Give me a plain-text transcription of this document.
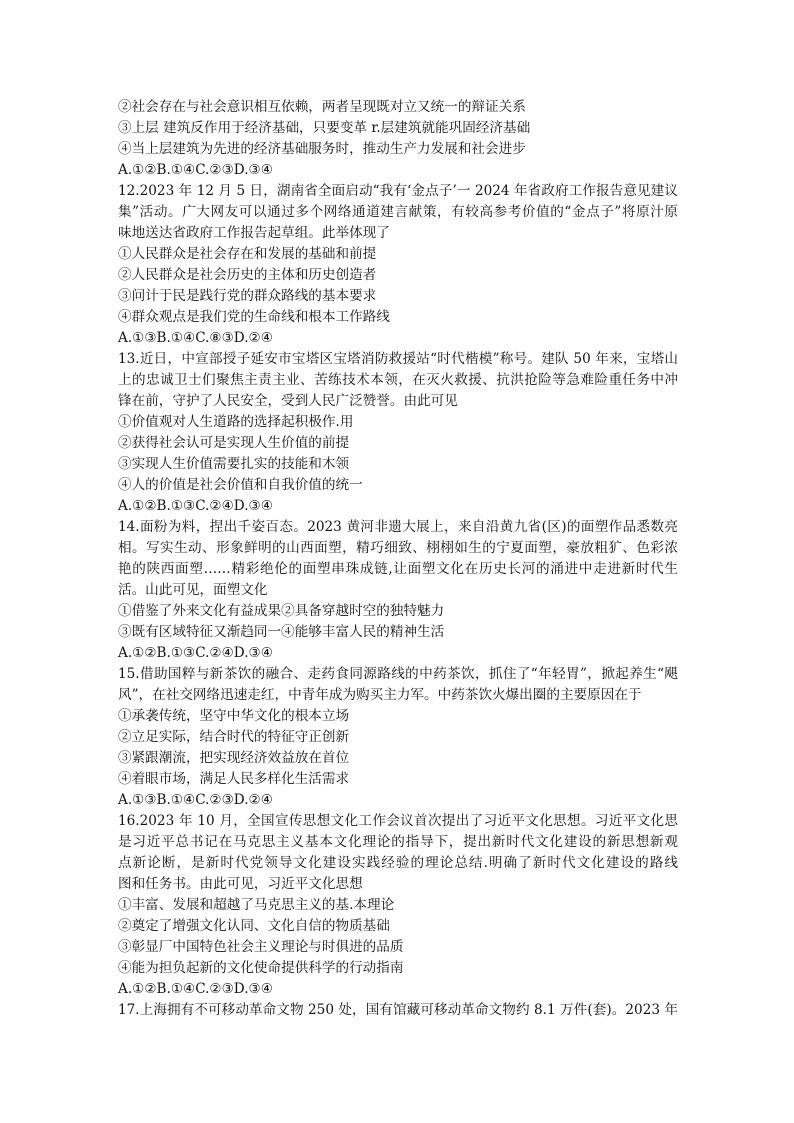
②社会存在与社会意识相互依赖，两者呈现既对立又统一的辩证关系
③上层 建筑反作用于经济基础，只要变革 r.层建筑就能巩固经济基础
④当上层建筑为先进的经济基础服务时，推动生产力发展和社会进步
A.①②B.①④C.②③D.③④
12.2023 年 12 月 5 日，湖南省全面启动“我有‘金点子’一 2024 年省政府工作报告意见建议
集”活动。广大网友可以通过多个网络通道建言献策，有较高参考价值的“金点子”将原汁原
味地送达省政府工作报告起草组。此举体现了
①人民群众是社会存在和发展的基础和前提
②人民群众是社会历史的主体和历史创造者
③问计于民是践行党的群众路线的基本要求
④群众观点是我们党的生命线和根本工作路线
A.①③B.①④C.⑧③D.②④
13.近日，中宣部授子延安市宝塔区宝塔消防救援站“时代楷模”称号。建队 50 年来，宝塔山
上的忠诚卫士们聚焦主责主业、苦练技术本领，在灭火救援、抗洪抢险等急难险重任务中冲
锋在前，守护了人民安全，受到人民广泛赞誉。由此可见
①价值观对人生道路的选择起积极作.用
②获得社会认可是实现人生价值的前提
③实现人生价值需要扎实的技能和木领
④人的价值是社会价值和自我价值的统一
A.①②B.①③C.②④D.③④
14.面粉为料，捏出千姿百态。2023 黄河非遗大展上，来自沿黄九省(区)的面塑作品悉数亮
相。写实生动、形象鲜明的山西面塑，精巧细致、栩栩如生的宁夏面塑，豪放粗犷、色彩浓
艳的陕西面塑……精彩绝伦的面塑串珠成链,让面塑文化在历史长河的涌进中走进新时代生
活。山此可见，面塑文化
①借鉴了外来文化有益成果②具备穿越时空的独特魅力
③既有区域特征又渐趋同一④能够丰富人民的精神生活
A.①②B.①③C.②④D.③④
15.借助国粹与新茶饮的融合、走药食同源路线的中药茶饮，抓住了“年轻胃”，掀起养生“飓
风”，在社交网络迅速走红，中青年成为购买主力军。中药茶饮火爆出圈的主要原因在于
①承袭传统，坚守中华文化的根本立场
②立足实际，结合时代的特征守正创新
③紧跟潮流，把实现经济效益放在首位
④着眼市场，满足人民多样化生活需求
A.①③B.①④C.②③D.②④
16.2023 年 10 月，全国宣传思想文化工作会议首次提出了习近平文化思想。习近平文化思
是习近平总书记在马克思主义基本文化理论的指导下，提出新时代文化建设的新思想新观
点新论断，是新时代党领导文化建设实践经验的理论总结.明确了新时代文化建设的路线
图和任务书。由此可见，习近平文化思想
①丰富、发展和超越了马克思主义的基.本理论
②奠定了增强文化认同、文化自信的物质基础
③彰显厂中国特色社会主义理论与时俱进的品质
④能为担负起新的文化使命提供科学的行动指南
A.①②B.①④C.②③D.③④
17.上海拥有不可移动革命文物 250 处，国有馆藏可移动革命文物约 8.1 万件(套)。2023 年
